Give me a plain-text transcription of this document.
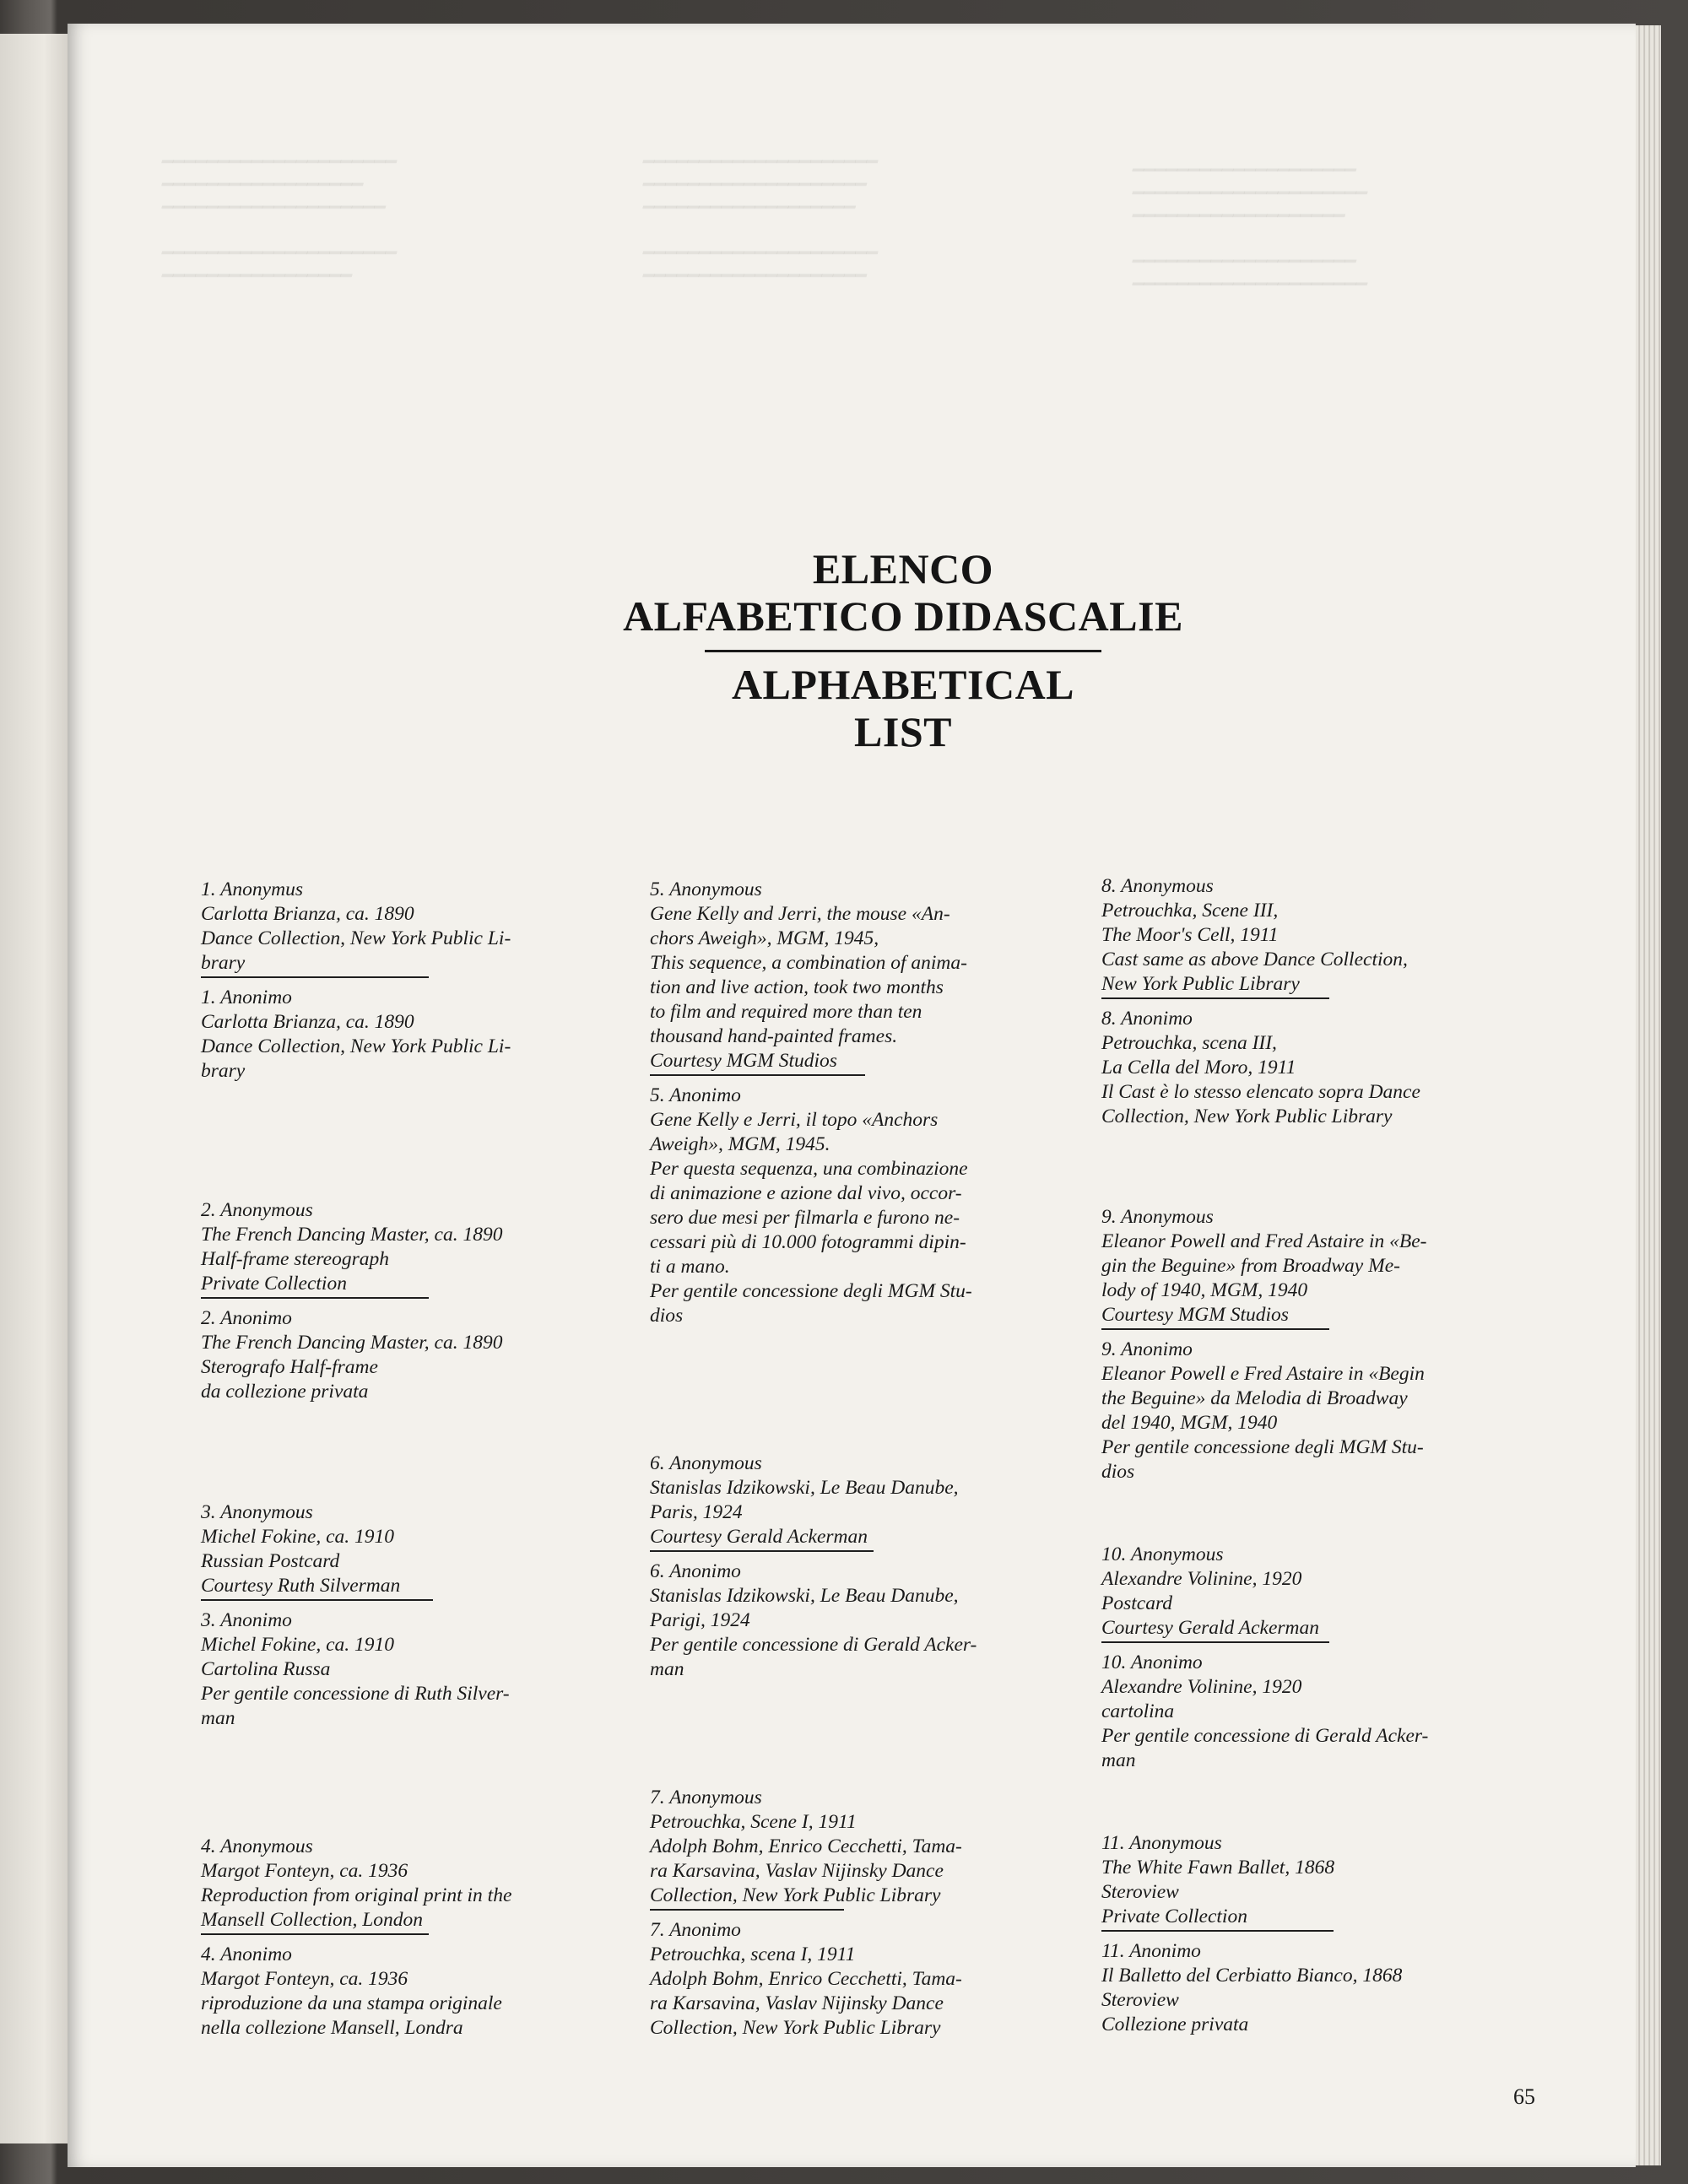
━━━━━━━━━━━━━━━━━━━━━
━━━━━━━━━━━━━━━━━━
━━━━━━━━━━━━━━━━━━━━

━━━━━━━━━━━━━━━━━━━━━
━━━━━━━━━━━━━━━━━
━━━━━━━━━━━━━━━━━━━━━
━━━━━━━━━━━━━━━━━━━━
━━━━━━━━━━━━━━━━━━━

━━━━━━━━━━━━━━━━━━━━━
━━━━━━━━━━━━━━━━━━━━
━━━━━━━━━━━━━━━━━━━━
━━━━━━━━━━━━━━━━━━━━━
━━━━━━━━━━━━━━━━━━━

━━━━━━━━━━━━━━━━━━━━
━━━━━━━━━━━━━━━━━━━━━
ELENCO
ALFABETICO DIDASCALIE
ALPHABETICAL
LIST
1. Anonymus
Carlotta Brianza, ca. 1890
Dance Collection, New York Public Li-
brary
1. Anonimo
Carlotta Brianza, ca. 1890
Dance Collection, New York Public Li-
brary
2. Anonymous
The French Dancing Master, ca. 1890
Half-frame stereograph
Private Collection
2. Anonimo
The French Dancing Master, ca. 1890
Sterografo Half-frame
da collezione privata
3. Anonymous
Michel Fokine, ca. 1910
Russian Postcard
Courtesy Ruth Silverman
3. Anonimo
Michel Fokine, ca. 1910
Cartolina Russa
Per gentile concessione di Ruth Silver-
man
4. Anonymous
Margot Fonteyn, ca. 1936
Reproduction from original print in the
Mansell Collection, London
4. Anonimo
Margot Fonteyn, ca. 1936
riproduzione da una stampa originale
nella collezione Mansell, Londra
5. Anonymous
Gene Kelly and Jerri, the mouse «An-
chors Aweigh», MGM, 1945,
This sequence, a combination of anima-
tion and live action, took two months
to film and required more than ten
thousand hand-painted frames.
Courtesy MGM Studios
5. Anonimo
Gene Kelly e Jerri, il topo «Anchors
Aweigh», MGM, 1945.
Per questa sequenza, una combinazione
di animazione e azione dal vivo, occor-
sero due mesi per filmarla e furono ne-
cessari più di 10.000 fotogrammi dipin-
ti a mano.
Per gentile concessione degli MGM Stu-
dios
6. Anonymous
Stanislas Idzikowski, Le Beau Danube,
Paris, 1924
Courtesy Gerald Ackerman
6. Anonimo
Stanislas Idzikowski, Le Beau Danube,
Parigi, 1924
Per gentile concessione di Gerald Acker-
man
7. Anonymous
Petrouchka, Scene I, 1911
Adolph Bohm, Enrico Cecchetti, Tama-
ra Karsavina, Vaslav Nijinsky Dance
Collection, New York Public Library
7. Anonimo
Petrouchka, scena I, 1911
Adolph Bohm, Enrico Cecchetti, Tama-
ra Karsavina, Vaslav Nijinsky Dance
Collection, New York Public Library
8. Anonymous
Petrouchka, Scene III,
The Moor's Cell, 1911
Cast same as above Dance Collection,
New York Public Library
8. Anonimo
Petrouchka, scena III,
La Cella del Moro, 1911
Il Cast è lo stesso elencato sopra Dance
Collection, New York Public Library
9. Anonymous
Eleanor Powell and Fred Astaire in «Be-
gin the Beguine» from Broadway Me-
lody of 1940, MGM, 1940
Courtesy MGM Studios
9. Anonimo
Eleanor Powell e Fred Astaire in «Begin
the Beguine» da Melodia di Broadway
del 1940, MGM, 1940
Per gentile concessione degli MGM Stu-
dios
10. Anonymous
Alexandre Volinine, 1920
Postcard
Courtesy Gerald Ackerman
10. Anonimo
Alexandre Volinine, 1920
cartolina
Per gentile concessione di Gerald Acker-
man
11. Anonymous
The White Fawn Ballet, 1868
Steroview
Private Collection
11. Anonimo
Il Balletto del Cerbiatto Bianco, 1868
Steroview
Collezione privata
65
